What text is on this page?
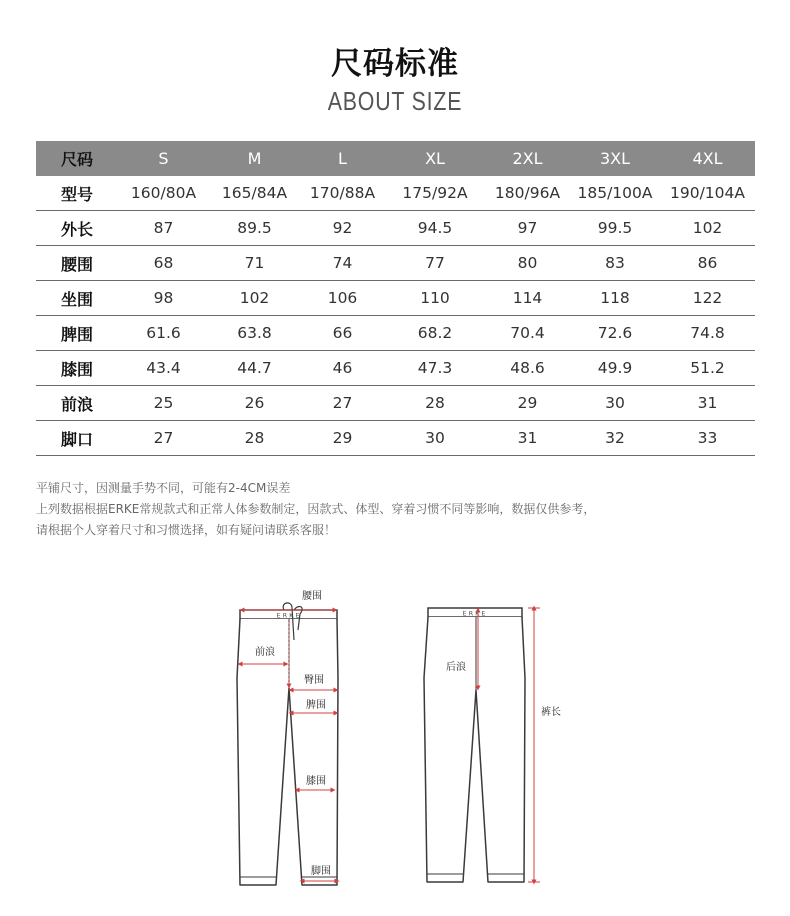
尺码标准
ABOUT SIZE
尺码	S	M	L	XL	2XL	3XL	4XL
型号	160/80A	165/84A	170/88A	175/92A	180/96A	185/100A	190/104A
外长	87	89.5	92	94.5	97	99.5	102
腰围	68	71	74	77	80	83	86
坐围	98	102	106	110	114	118	122
脾围	61.6	63.8	66	68.2	70.4	72.6	74.8
膝围	43.4	44.7	46	47.3	48.6	49.9	51.2
前浪	25	26	27	28	29	30	31
脚口	27	28	29	30	31	32	33
平铺尺寸，因测量手势不同，可能有2-4CM误差
上列数据根据ERKE常规款式和正常人体参数制定，因款式、体型、穿着习惯不同等影响，数据仅供参考，
请根据个人穿着尺寸和习惯选择，如有疑问请联系客服！
ERKE
腰围
前浪
臀围
脾围
膝围
脚围
ERKE
后浪
裤长
